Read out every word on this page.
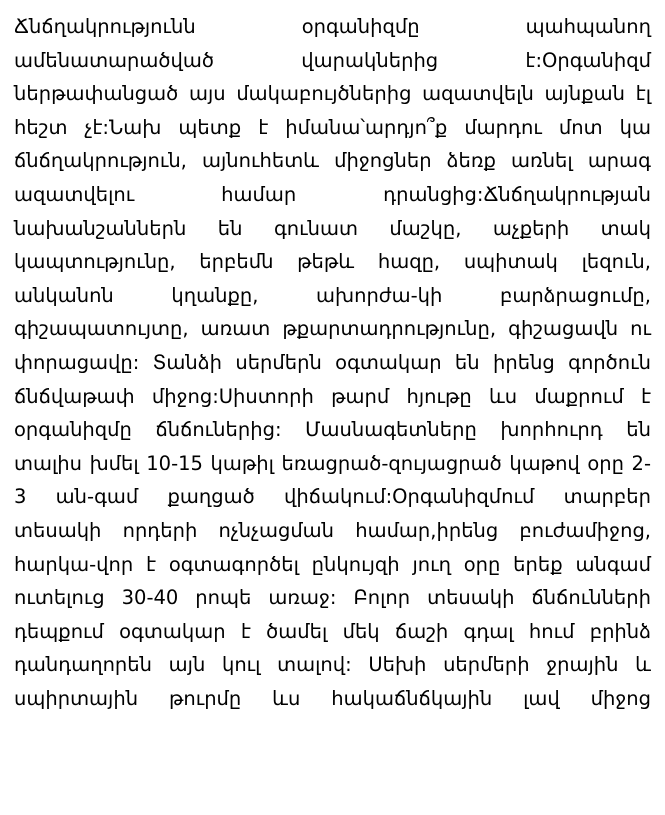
Ճնճղակրությունն օրգանիզմը պահպանող ամենատարածված վարակներից է:Օրգանիզմ ներթափանցած այս մակաբույծներից ազատվելն այնքան էլ հեշտ չէ:Նախ պետք է իմանա՝արդյո՞ք մարդու մոտ կա ճնճղակրություն, այնուհետև միջոցներ ձեռք առնել արագ ազատվելու համար դրանցից:Ճնճղակրության նախանշաններն են գունատ մաշկը, աչքերի տակ կապտությունը, երբեմն թեթև հազը, սպիտակ լեզուն, անկանոն կղանքը, ախորժա-կի բարձրացումը, գիշապատույտը, առատ թքարտադրությունը, գիշացավն ու փորացավը: Տանձի սերմերն օգտակար են իրենց գործուն ճնճվաթափ միջոց:Սիստորի թարմ հյութը ևս մաքրում է օրգանիզմը ճնճուներից: Մասնագետները խորհուրդ են տալիս խմել 10-15 կաթիլ եռացրած-զույացրած կաթով օրը 2-3 ան-գամ քաղցած վիճակում:Օրգանիզմում տարբեր տեսակի որդերի ոչնչացման համար,իրենց բուժամիջոց, հարկա-վոր է օգտագործել ընկույզի յուղ օրը երեք անգամ ուտելուց 30-40 րոպե առաջ: Բոլոր տեսակի ճնճունների դեպքում օգտակար է ծամել մեկ ճաշի գդալ հում բրինձ դանդաղորեն այն կուլ տալով: Սեխի սերմերի ջրային և սպիրտային թուրմը ևս հակաճնճկային լավ միջոց
